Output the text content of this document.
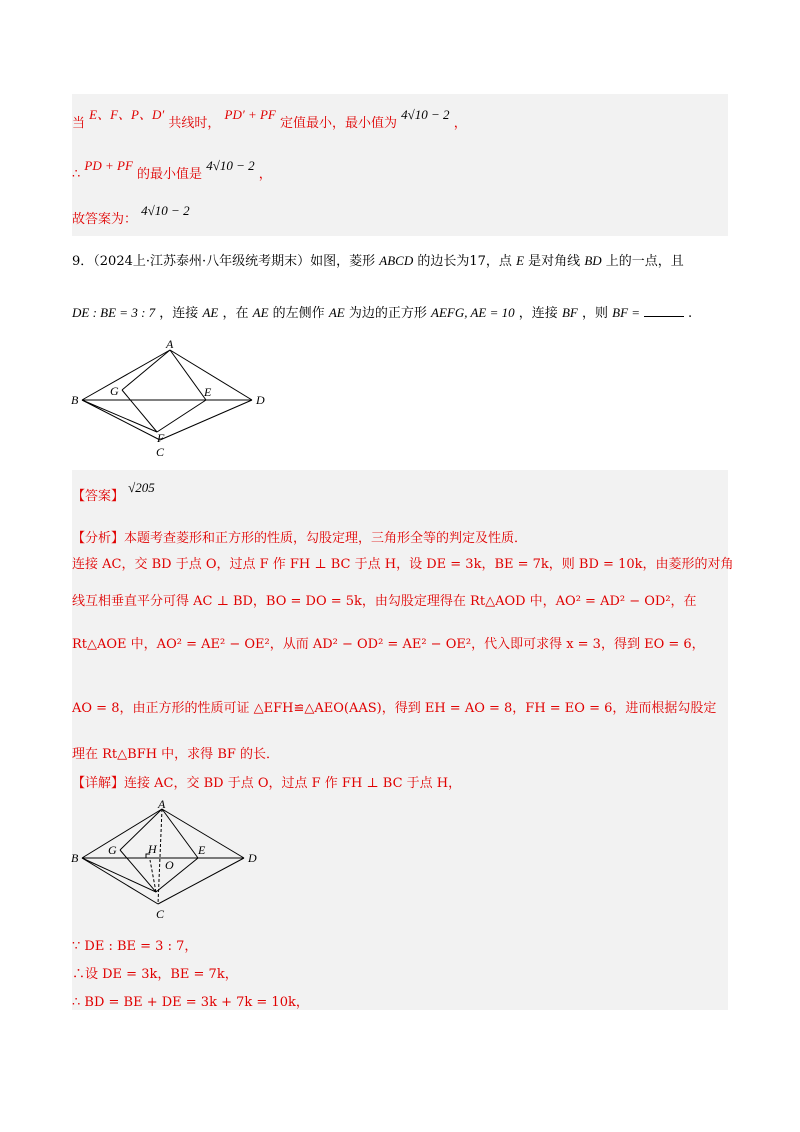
当 E、F、P、D′ 共线时， PD′ + PF 定值最小，最小值为 4√10 − 2 ，
∴ PD + PF 的最小值是 4√10 − 2 ，
故答案为： 4√10 − 2
9．（2024上·江苏泰州·八年级统考期末）如图，菱形 ABCD 的边长为17，点 E 是对角线 BD 上的一点，且
DE : BE = 3 : 7 ，连接 AE ，在 AE 的左侧作 AE 为边的正方形 AEFG, AE = 10 ，连接 BF ，则 BF =	.
A
B
C
D
E
F
G
【答案】 √205
【分析】本题考查菱形和正方形的性质，勾股定理，三角形全等的判定及性质．
连接 AC，交 BD 于点 O，过点 F 作 FH ⊥ BC 于点 H，设 DE = 3k，BE = 7k，则 BD = 10k，由菱形的对角
线互相垂直平分可得 AC ⊥ BD，BO = DO = 5k，由勾股定理得在 Rt△AOD 中，AO² = AD² − OD²，在
Rt△AOE 中，AO² = AE² − OE²，从而 AD² − OD² = AE² − OE²，代入即可求得 x = 3，得到 EO = 6，
AO = 8，由正方形的性质可证 △EFH≌△AEO(AAS)，得到 EH = AO = 8，FH = EO = 6，进而根据勾股定
理在 Rt△BFH 中，求得 BF 的长．
【详解】连接 AC，交 BD 于点 O，过点 F 作 FH ⊥ BC 于点 H，
A
B
C
D
E
G	H
O
∵ DE : BE = 3 : 7，
∴设 DE = 3k，BE = 7k，
∴ BD = BE + DE = 3k + 7k = 10k，
